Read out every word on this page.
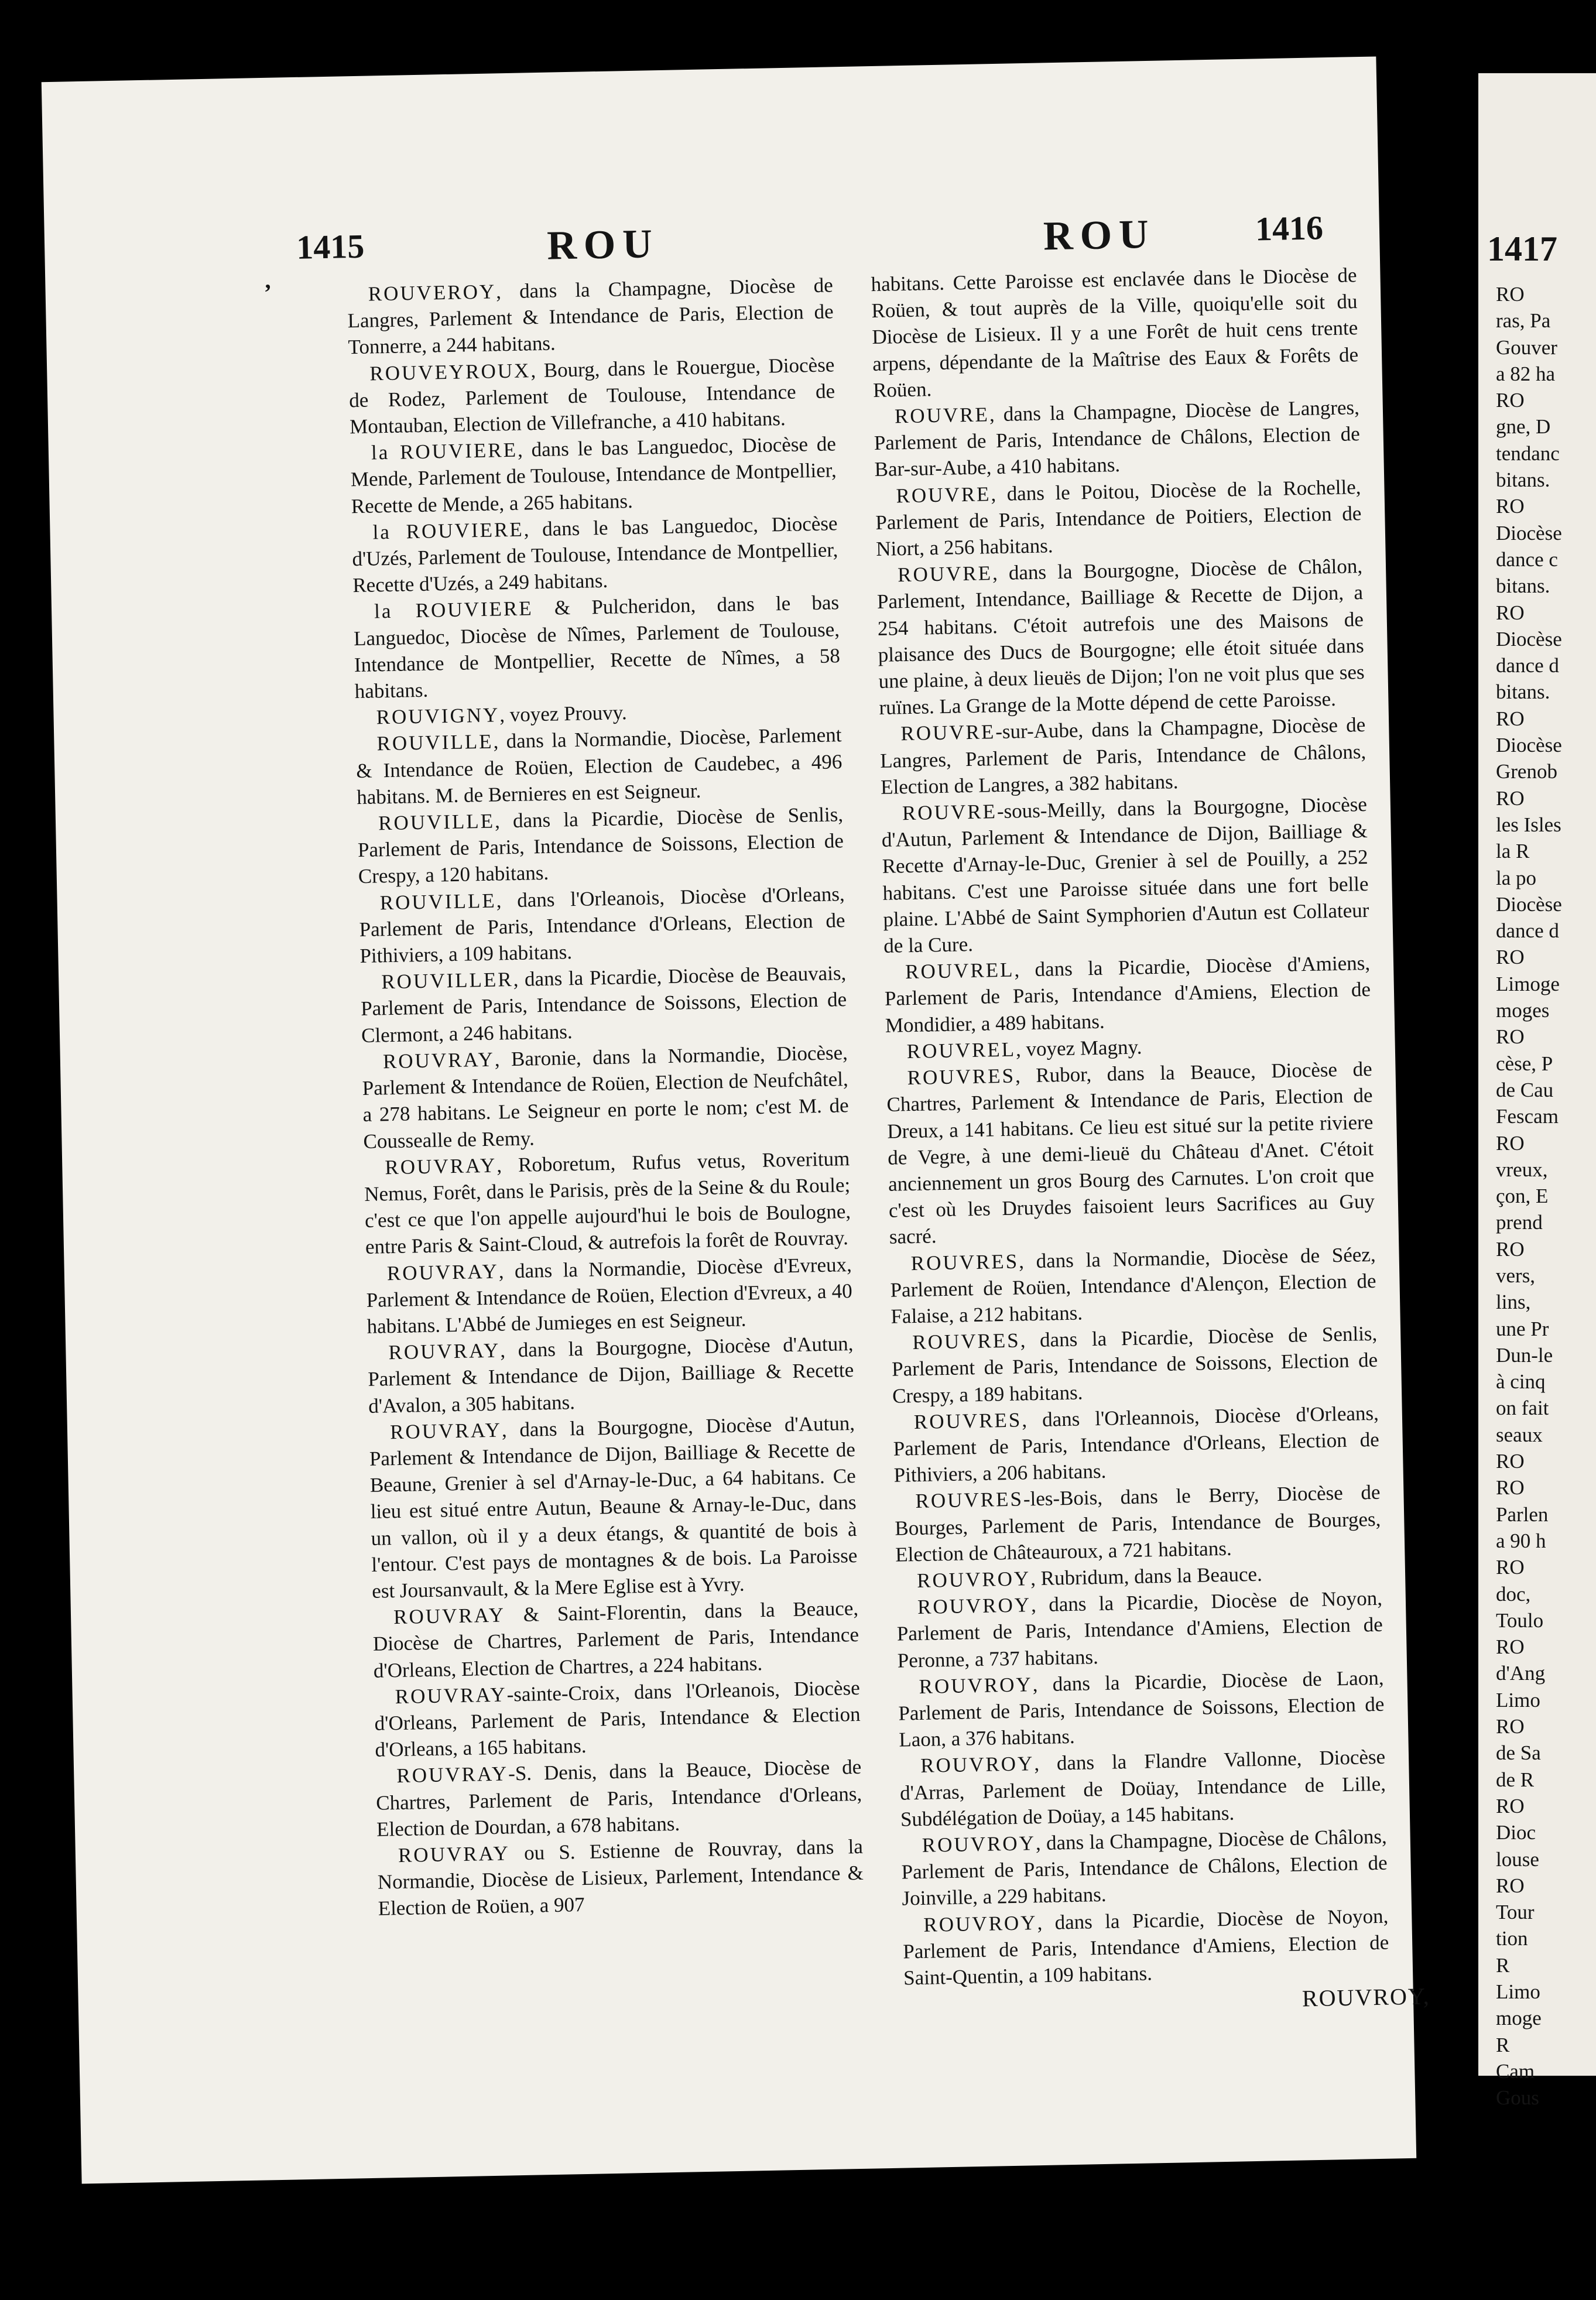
,
1415	ROU	ROU	1416

ROUVEROY, dans la Champagne, Diocèse de Langres, Parlement & Intendance de Paris, Election de Tonnerre, a 244 habitans.

ROUVEYROUX, Bourg, dans le Rouergue, Diocèse de Rodez, Parlement de Toulouse, Intendance de Montauban, Election de Villefranche, a 410 habitans.

la ROUVIERE, dans le bas Languedoc, Diocèse de Mende, Parlement de Toulouse, Intendance de Montpellier, Recette de Mende, a 265 habitans.

la ROUVIERE, dans le bas Languedoc, Diocèse d'Uzés, Parlement de Toulouse, Intendance de Montpellier, Recette d'Uzés, a 249 habitans.

la ROUVIERE & Pulcheridon, dans le bas Languedoc, Diocèse de Nîmes, Parlement de Toulouse, Intendance de Montpellier, Recette de Nîmes, a 58 habitans.

ROUVIGNY, voyez Prouvy.

ROUVILLE, dans la Normandie, Diocèse, Parlement & Intendance de Roüen, Election de Caudebec, a 496 habitans. M. de Bernieres en est Seigneur.

ROUVILLE, dans la Picardie, Diocèse de Senlis, Parlement de Paris, Intendance de Soissons, Election de Crespy, a 120 habitans.

ROUVILLE, dans l'Orleanois, Diocèse d'Orleans, Parlement de Paris, Intendance d'Orleans, Election de Pithiviers, a 109 habitans.

ROUVILLER, dans la Picardie, Diocèse de Beauvais, Parlement de Paris, Intendance de Soissons, Election de Clermont, a 246 habitans.

ROUVRAY, Baronie, dans la Normandie, Diocèse, Parlement & Intendance de Roüen, Election de Neufchâtel, a 278 habitans. Le Seigneur en porte le nom; c'est M. de Coussealle de Remy.

ROUVRAY, Roboretum, Rufus vetus, Roveritum Nemus, Forêt, dans le Parisis, près de la Seine & du Roule; c'est ce que l'on appelle aujourd'hui le bois de Boulogne, entre Paris & Saint-Cloud, & autrefois la forêt de Rouvray.

ROUVRAY, dans la Normandie, Diocèse d'Evreux, Parlement & Intendance de Roüen, Election d'Evreux, a 40 habitans. L'Abbé de Jumieges en est Seigneur.

ROUVRAY, dans la Bourgogne, Diocèse d'Autun, Parlement & Intendance de Dijon, Bailliage & Recette d'Avalon, a 305 habitans.

ROUVRAY, dans la Bourgogne, Diocèse d'Autun, Parlement & Intendance de Dijon, Bailliage & Recette de Beaune, Grenier à sel d'Arnay-le-Duc, a 64 habitans. Ce lieu est situé entre Autun, Beaune & Arnay-le-Duc, dans un vallon, où il y a deux étangs, & quantité de bois à l'entour. C'est pays de montagnes & de bois. La Paroisse est Joursanvault, & la Mere Eglise est à Yvry.

ROUVRAY & Saint-Florentin, dans la Beauce, Diocèse de Chartres, Parlement de Paris, Intendance d'Orleans, Election de Chartres, a 224 habitans.

ROUVRAY-sainte-Croix, dans l'Orleanois, Diocèse d'Orleans, Parlement de Paris, Intendance & Election d'Orleans, a 165 habitans.

ROUVRAY-S. Denis, dans la Beauce, Diocèse de Chartres, Parlement de Paris, Intendance d'Orleans, Election de Dourdan, a 678 habitans.

ROUVRAY ou S. Estienne de Rouvray, dans la Normandie, Diocèse de Lisieux, Parlement, Intendance & Election de Roüen, a 907

habitans. Cette Paroisse est enclavée dans le Diocèse de Roüen, & tout auprès de la Ville, quoiqu'elle soit du Diocèse de Lisieux. Il y a une Forêt de huit cens trente arpens, dépendante de la Maîtrise des Eaux & Forêts de Roüen.

ROUVRE, dans la Champagne, Diocèse de Langres, Parlement de Paris, Intendance de Châlons, Election de Bar-sur-Aube, a 410 habitans.

ROUVRE, dans le Poitou, Diocèse de la Rochelle, Parlement de Paris, Intendance de Poitiers, Election de Niort, a 256 habitans.

ROUVRE, dans la Bourgogne, Diocèse de Châlon, Parlement, Intendance, Bailliage & Recette de Dijon, a 254 habitans. C'étoit autrefois une des Maisons de plaisance des Ducs de Bourgogne; elle étoit située dans une plaine, à deux lieuës de Dijon; l'on ne voit plus que ses ruïnes. La Grange de la Motte dépend de cette Paroisse.

ROUVRE-sur-Aube, dans la Champagne, Diocèse de Langres, Parlement de Paris, Intendance de Châlons, Election de Langres, a 382 habitans.

ROUVRE-sous-Meilly, dans la Bourgogne, Diocèse d'Autun, Parlement & Intendance de Dijon, Bailliage & Recette d'Arnay-le-Duc, Grenier à sel de Pouilly, a 252 habitans. C'est une Paroisse située dans une fort belle plaine. L'Abbé de Saint Symphorien d'Autun est Collateur de la Cure.

ROUVREL, dans la Picardie, Diocèse d'Amiens, Parlement de Paris, Intendance d'Amiens, Election de Mondidier, a 489 habitans.

ROUVREL, voyez Magny.

ROUVRES, Rubor, dans la Beauce, Diocèse de Chartres, Parlement & Intendance de Paris, Election de Dreux, a 141 habitans. Ce lieu est situé sur la petite riviere de Vegre, à une demi-lieuë du Château d'Anet. C'étoit anciennement un gros Bourg des Carnutes. L'on croit que c'est où les Druydes faisoient leurs Sacrifices au Guy sacré.

ROUVRES, dans la Normandie, Diocèse de Séez, Parlement de Roüen, Intendance d'Alençon, Election de Falaise, a 212 habitans.

ROUVRES, dans la Picardie, Diocèse de Senlis, Parlement de Paris, Intendance de Soissons, Election de Crespy, a 189 habitans.

ROUVRES, dans l'Orleannois, Diocèse d'Orleans, Parlement de Paris, Intendance d'Orleans, Election de Pithiviers, a 206 habitans.

ROUVRES-les-Bois, dans le Berry, Diocèse de Bourges, Parlement de Paris, Intendance de Bourges, Election de Châteauroux, a 721 habitans.

ROUVROY, Rubridum, dans la Beauce.

ROUVROY, dans la Picardie, Diocèse de Noyon, Parlement de Paris, Intendance d'Amiens, Election de Peronne, a 737 habitans.

ROUVROY, dans la Picardie, Diocèse de Laon, Parlement de Paris, Intendance de Soissons, Election de Laon, a 376 habitans.

ROUVROY, dans la Flandre Vallonne, Diocèse d'Arras, Parlement de Doüay, Intendance de Lille, Subdélégation de Doüay, a 145 habitans.

ROUVROY, dans la Champagne, Diocèse de Châlons, Parlement de Paris, Intendance de Châlons, Election de Joinville, a 229 habitans.

ROUVROY, dans la Picardie, Diocèse de Noyon, Parlement de Paris, Intendance d'Amiens, Election de Saint-Quentin, a 109 habitans.

ROUVROY,
1417
RO
ras, Pa
Gouver
a 82 ha
RO
gne, D
tendanc
bitans.
RO
Diocèse
dance c
bitans.
RO
Diocèse
dance d
bitans.
RO
Diocèse
Grenob
RO
les Isles
la R
la po
Diocèse
dance d
RO
Limoge
moges
RO
cèse, P
de Cau
Fescam
RO
vreux,
çon, E
prend
RO
vers,
lins,
une Pr
Dun-le
à cinq
on fait
seaux
RO
RO
Parlen
a 90 h
RO
doc,
Toulo
RO
d'Ang
Limo
RO
de Sa
de R
RO
Dioc
louse
RO
Tour
tion
R
Limo
moge
R
Cam
Gous
